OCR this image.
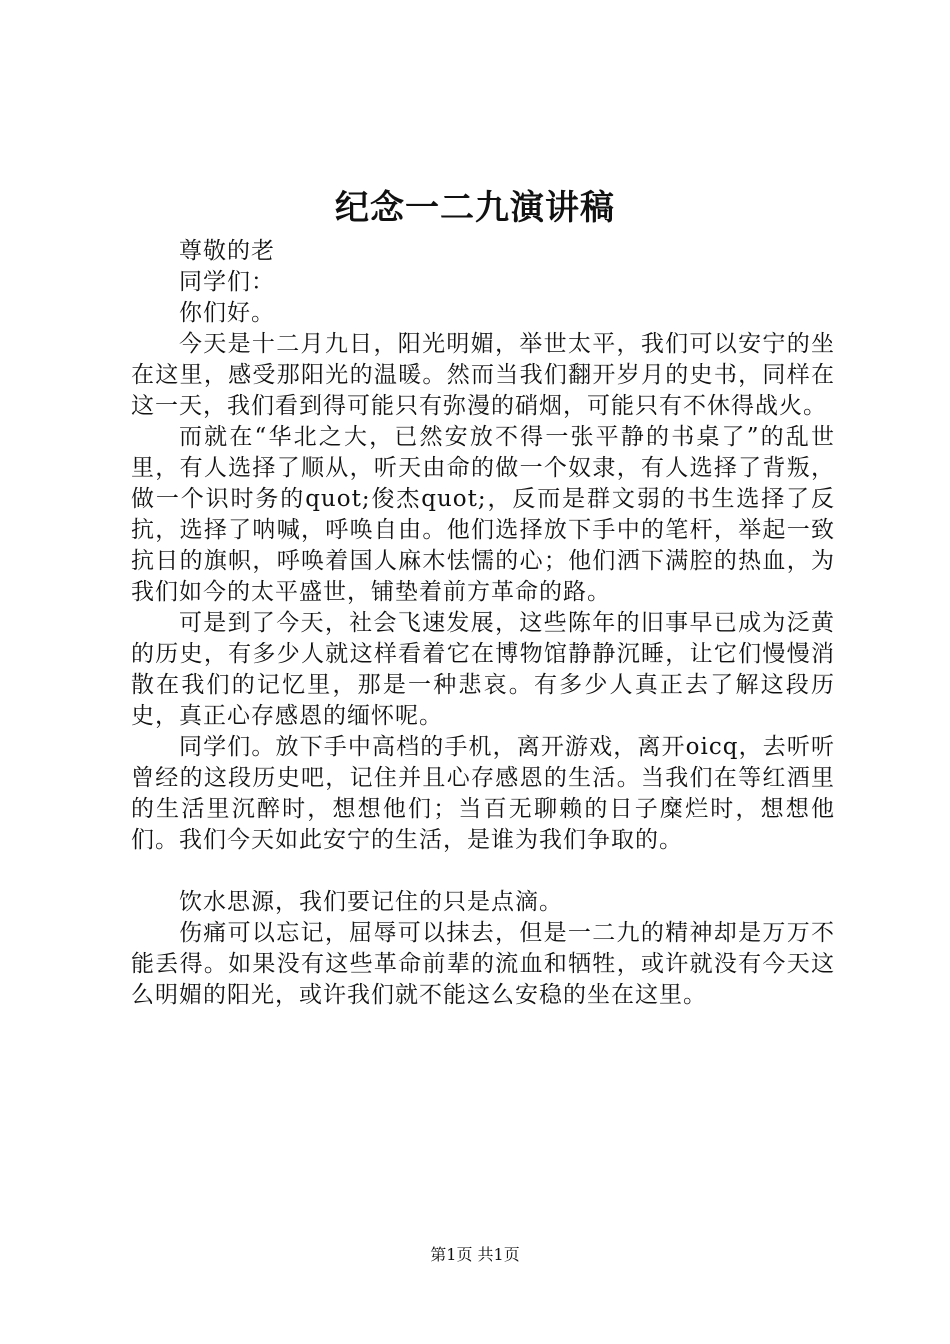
纪念一二九演讲稿

尊敬的老

同学们：

你们好。

今天是十二月九日，阳光明媚，举世太平，我们可以安宁的坐在这里，感受那阳光的温暖。然而当我们翻开岁月的史书，同样在这一天，我们看到得可能只有弥漫的硝烟，可能只有不休得战火。

而就在“华北之大，已然安放不得一张平静的书桌了”的乱世里，有人选择了顺从，听天由命的做一个奴隶，有人选择了背叛，做一个识时务的quot;俊杰quot;，反而是群文弱的书生选择了反抗，选择了呐喊，呼唤自由。他们选择放下手中的笔杆，举起一致抗日的旗帜，呼唤着国人麻木怯懦的心；他们洒下满腔的热血，为我们如今的太平盛世，铺垫着前方革命的路。

可是到了今天，社会飞速发展，这些陈年的旧事早已成为泛黄的历史，有多少人就这样看着它在博物馆静静沉睡，让它们慢慢消散在我们的记忆里，那是一种悲哀。有多少人真正去了解这段历史，真正心存感恩的缅怀呢。

同学们。放下手中高档的手机，离开游戏，离开oicq，去听听曾经的这段历史吧，记住并且心存感恩的生活。当我们在等红酒里的生活里沉醉时，想想他们；当百无聊赖的日子糜烂时，想想他们。我们今天如此安宁的生活，是谁为我们争取的。

饮水思源，我们要记住的只是点滴。

伤痛可以忘记，屈辱可以抹去，但是一二九的精神却是万万不能丢得。如果没有这些革命前辈的流血和牺牲，或许就没有今天这么明媚的阳光，或许我们就不能这么安稳的坐在这里。

第1页 共1页
